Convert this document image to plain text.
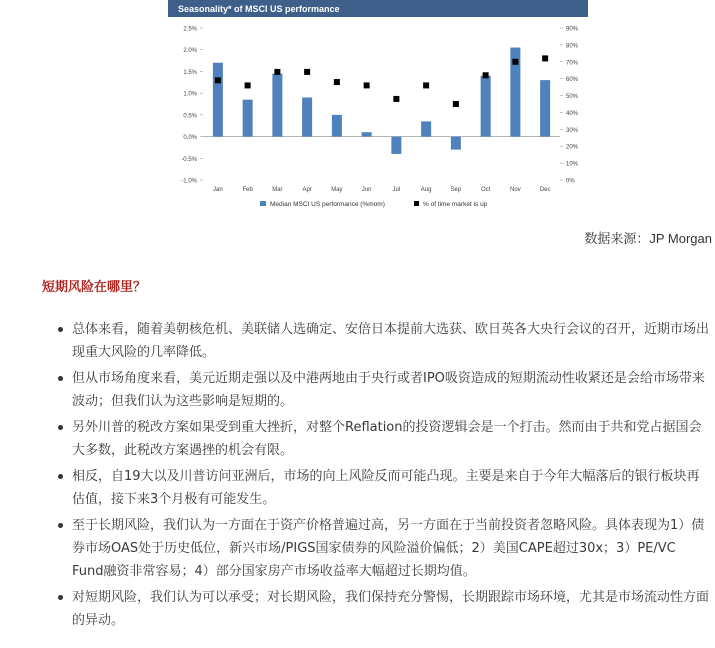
Seasonality* of MSCI US performance
-1.0%
-0.5%
0.0%
0.5%
1.0%
1.5%
2.0%
2.5%
0%
10%
20%
30%
40%
50%
60%
70%
80%
90%
Jan	Feb	Mar	Apr	May	Jun	Jul	Aug	Sep	Oct	Nov	Dec
Median MSCI US performance (%mom)	% of time market is up
数据来源：JP Morgan
短期风险在哪里？
总体来看，随着美朝核危机、美联储人选确定、安倍日本提前大选获、欧日英各大央行会议的召开，近期市场出现重大风险的几率降低。
但从市场角度来看，美元近期走强以及中港两地由于央行或者IPO吸资造成的短期流动性收紧还是会给市场带来波动；但我们认为这些影响是短期的。
另外川普的税改方案如果受到重大挫折，对整个Reflation的投资逻辑会是一个打击。然而由于共和党占据国会大多数，此税改方案遇挫的机会有限。
相反，自19大以及川普访问亚洲后，市场的向上风险反而可能凸现。主要是来自于今年大幅落后的银行板块再估值，接下来3个月极有可能发生。
至于长期风险，我们认为一方面在于资产价格普遍过高，另一方面在于当前投资者忽略风险。具体表现为1）债券市场OAS处于历史低位，新兴市场/PIGS国家债券的风险溢价偏低；2）美国CAPE超过30x；3）PE/VC Fund融资非常容易；4）部分国家房产市场收益率大幅超过长期均值。
对短期风险，我们认为可以承受；对长期风险，我们保持充分警惕，长期跟踪市场环境，尤其是市场流动性方面的异动。
